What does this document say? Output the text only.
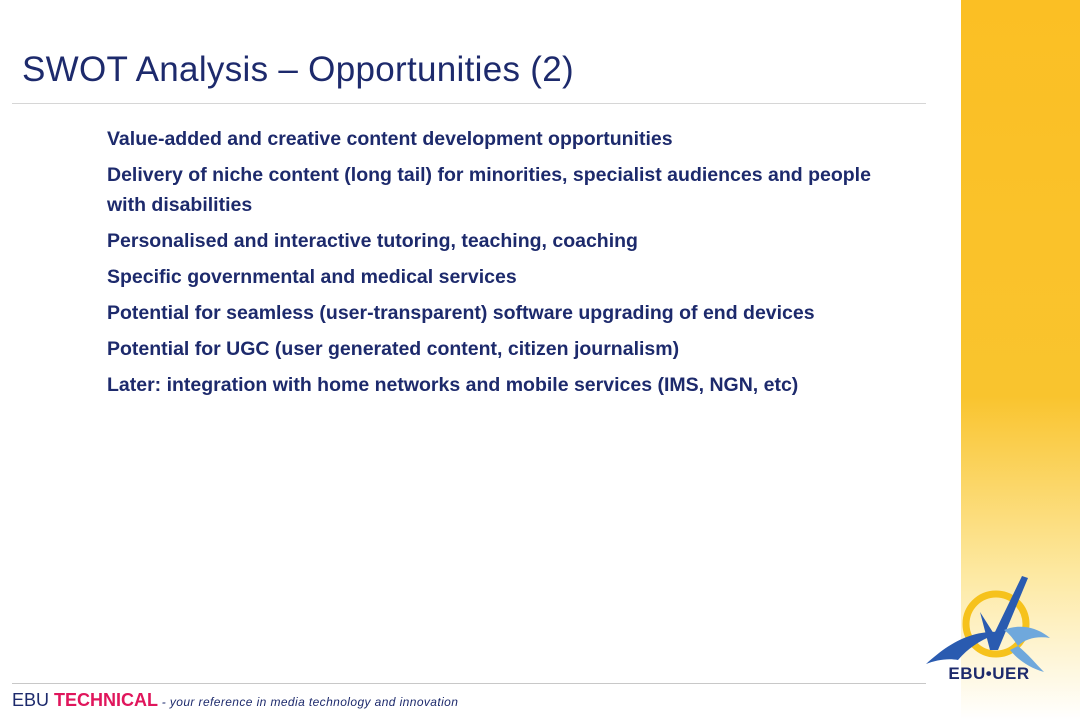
SWOT Analysis – Opportunities (2)
Value-added and creative content development opportunities
Delivery of niche content (long tail) for minorities, specialist audiences and people with disabilities
Personalised and interactive tutoring, teaching, coaching
Specific governmental and medical services
Potential for seamless (user-transparent) software upgrading of end devices
Potential for UGC (user generated content, citizen journalism)
Later: integration with home networks and mobile services (IMS, NGN, etc)
EBU TECHNICAL - your reference in media technology and innovation
EBU•UER
